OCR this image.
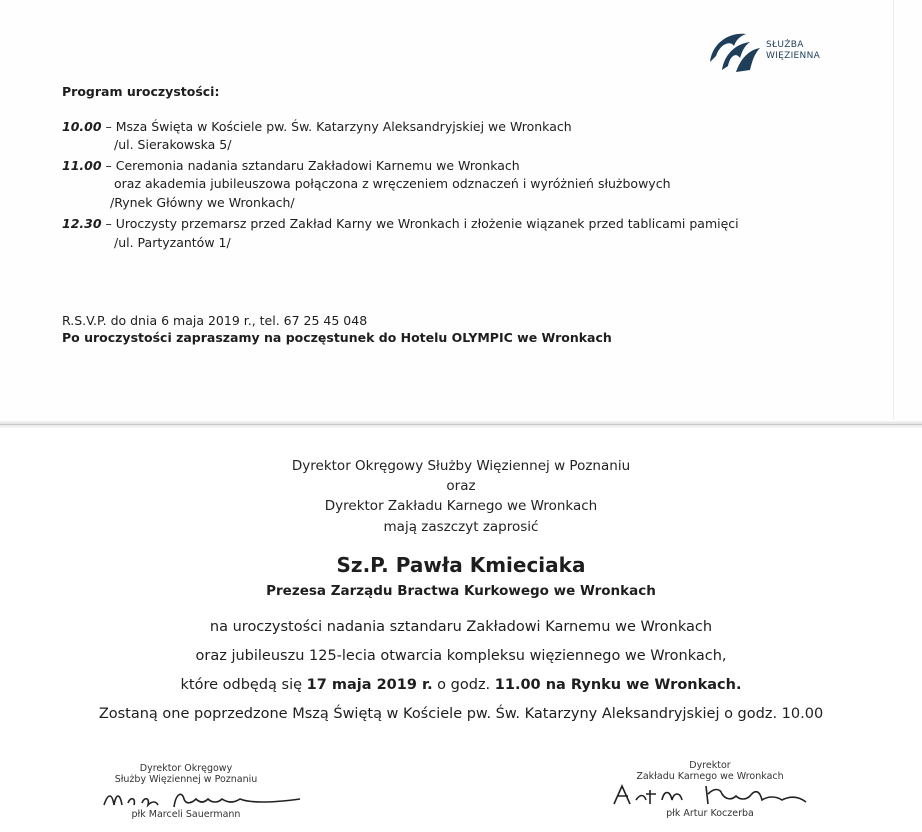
SŁUŻBA
WIĘZIENNA
Program uroczystości:
10.00 – Msza Święta w Kościele pw. Św. Katarzyny Aleksandryjskiej we Wronkach
/ul. Sierakowska 5/
11.00 – Ceremonia nadania sztandaru Zakładowi Karnemu we Wronkach
oraz akademia jubileuszowa połączona z wręczeniem odznaczeń i wyróżnień służbowych
/Rynek Główny we Wronkach/
12.30 – Uroczysty przemarsz przed Zakład Karny we Wronkach i złożenie wiązanek przed tablicami pamięci
/ul. Partyzantów 1/
R.S.V.P. do dnia 6 maja 2019 r., tel. 67 25 45 048
Po uroczystości zapraszamy na poczęstunek do Hotelu OLYMPIC we Wronkach
Dyrektor Okręgowy Służby Więziennej w Poznaniu
oraz
Dyrektor Zakładu Karnego we Wronkach
mają zaszczyt zaprosić
Sz.P. Pawła Kmieciaka
Prezesa Zarządu Bractwa Kurkowego we Wronkach
na uroczystości nadania sztandaru Zakładowi Karnemu we Wronkach
oraz jubileuszu 125-lecia otwarcia kompleksu więziennego we Wronkach,
które odbędą się 17 maja 2019 r. o godz. 11.00 na Rynku we Wronkach.
Zostaną one poprzedzone Mszą Świętą w Kościele pw. Św. Katarzyny Aleksandryjskiej o godz. 10.00
Dyrektor Okręgowy
Służby Więziennej w Poznaniu
płk Marceli Sauermann
Dyrektor
Zakładu Karnego we Wronkach
płk Artur Koczerba
